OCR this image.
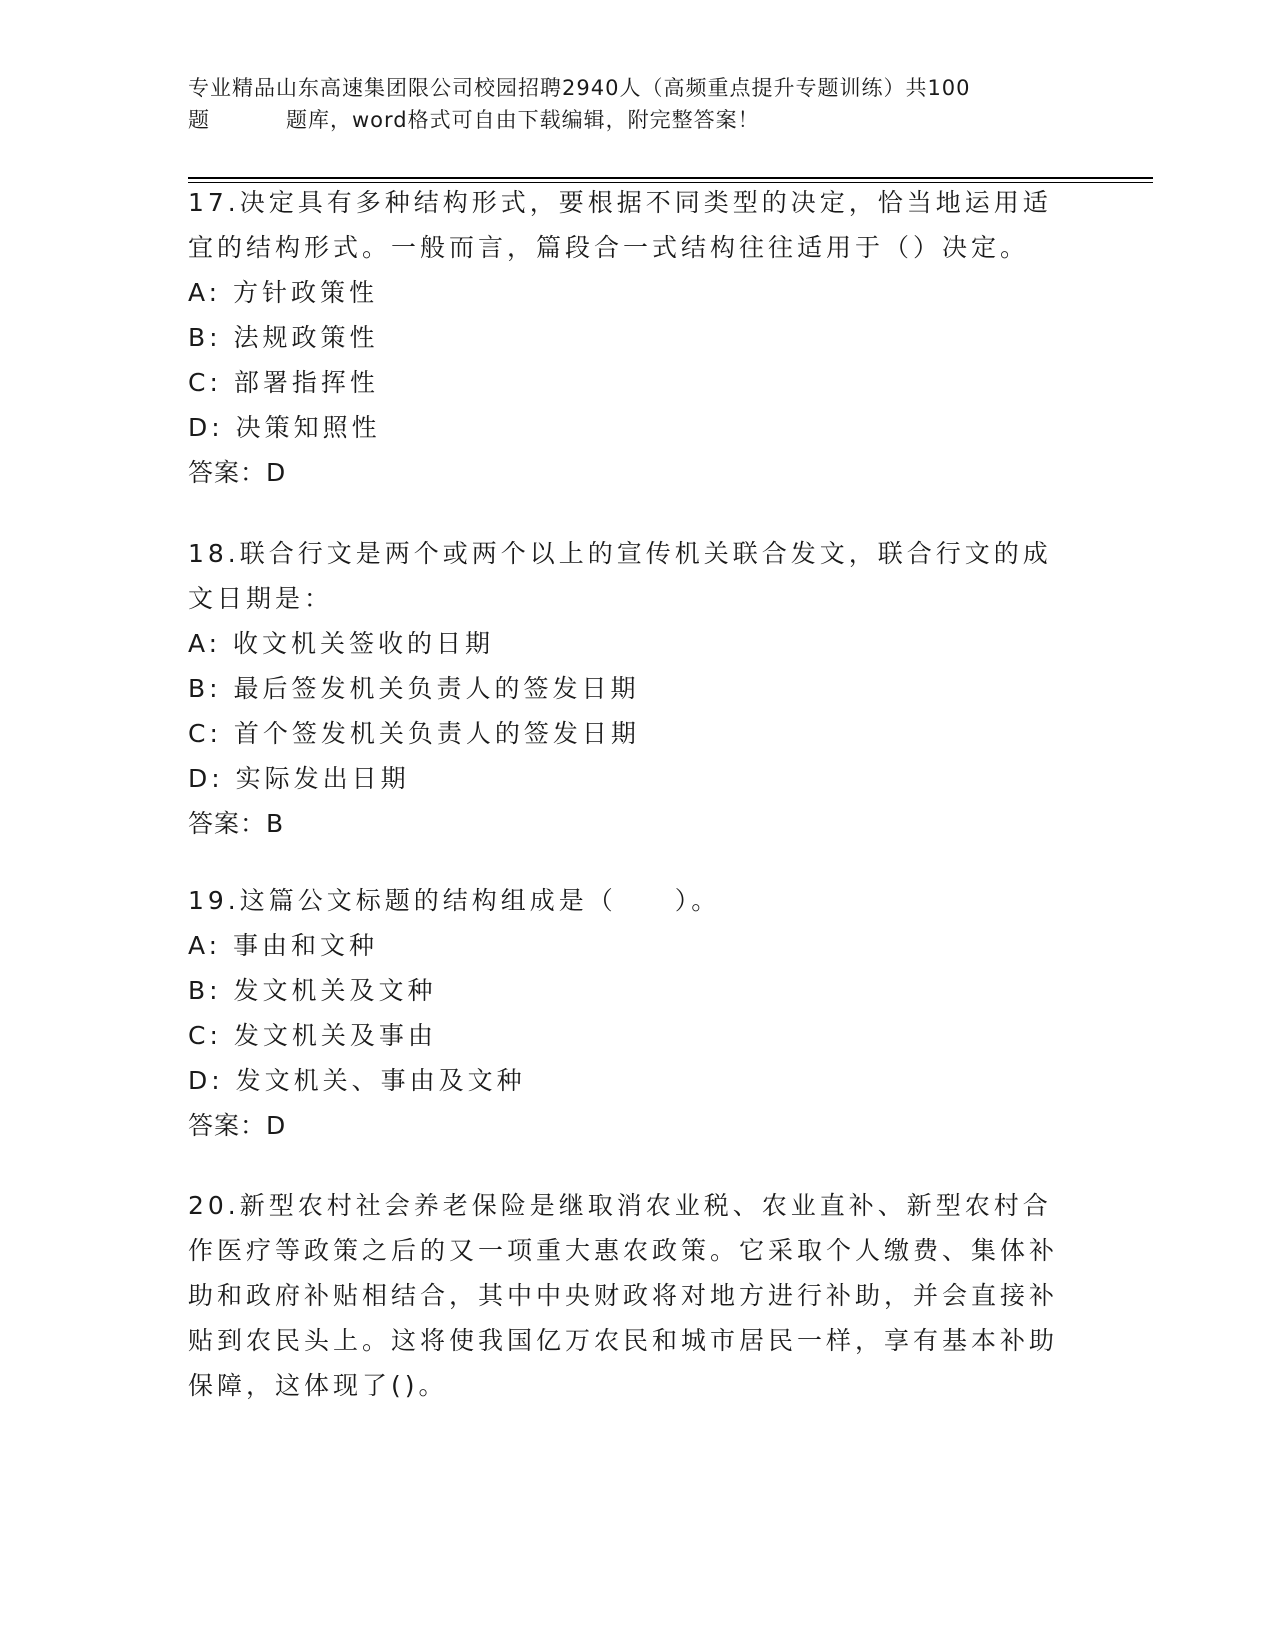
专业精品山东高速集团限公司校园招聘2940人（高频重点提升专题训练）共100
题	题库，word格式可自由下载编辑，附完整答案！
17.决定具有多种结构形式，要根据不同类型的决定，恰当地运用适宜的结构形式。一般而言，篇段合一式结构往往适用于（）决定。
A: 方针政策性
B: 法规政策性
C: 部署指挥性
D: 决策知照性
答案：D
18.联合行文是两个或两个以上的宣传机关联合发文，联合行文的成文日期是：
A: 收文机关签收的日期
B: 最后签发机关负责人的签发日期
C: 首个签发机关负责人的签发日期
D: 实际发出日期
答案：B
19.这篇公文标题的结构组成是（　　）。
A: 事由和文种
B: 发文机关及文种
C: 发文机关及事由
D: 发文机关、事由及文种
答案：D
20.新型农村社会养老保险是继取消农业税、农业直补、新型农村合作医疗等政策之后的又一项重大惠农政策。它采取个人缴费、集体补助和政府补贴相结合，其中中央财政将对地方进行补助，并会直接补贴到农民头上。这将使我国亿万农民和城市居民一样，享有基本补助保障，这体现了()。
